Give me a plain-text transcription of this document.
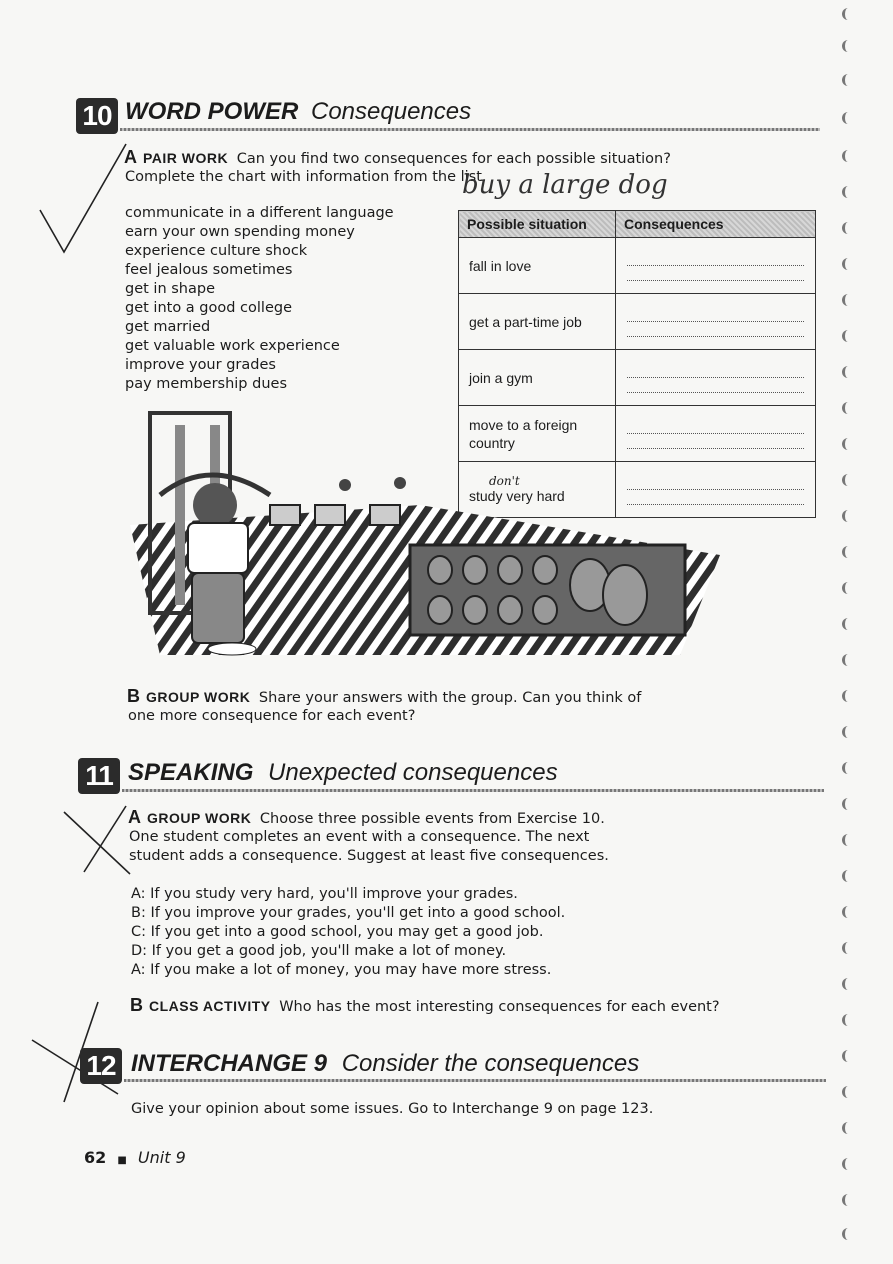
10 WORD POWER Consequences
A PAIR WORK Can you find two consequences for each possible situation?
Complete the chart with information from the list.
buy a large dog
communicate in a different language
earn your own spending money
experience culture shock
feel jealous sometimes
get in shape
get into a good college
get married
get valuable work experience
improve your grades
pay membership dues
Possible situation	Consequences
fall in love	

get a part-time job	

join a gym	

move to a foreign country	

don't
study very hard	

B GROUP WORK Share your answers with the group. Can you think of
one more consequence for each event?
11 SPEAKING Unexpected consequences
A GROUP WORK Choose three possible events from Exercise 10.
One student completes an event with a consequence. The next
student adds a consequence. Suggest at least five consequences.
A: If you study very hard, you'll improve your grades.
B: If you improve your grades, you'll get into a good school.
C: If you get into a good school, you may get a good job.
D: If you get a good job, you'll make a lot of money.
A: If you make a lot of money, you may have more stress.
B CLASS ACTIVITY Who has the most interesting consequences for each event?
12 INTERCHANGE 9 Consider the consequences
Give your opinion about some issues. Go to Interchange 9 on page 123.
62 ■ Unit 9
